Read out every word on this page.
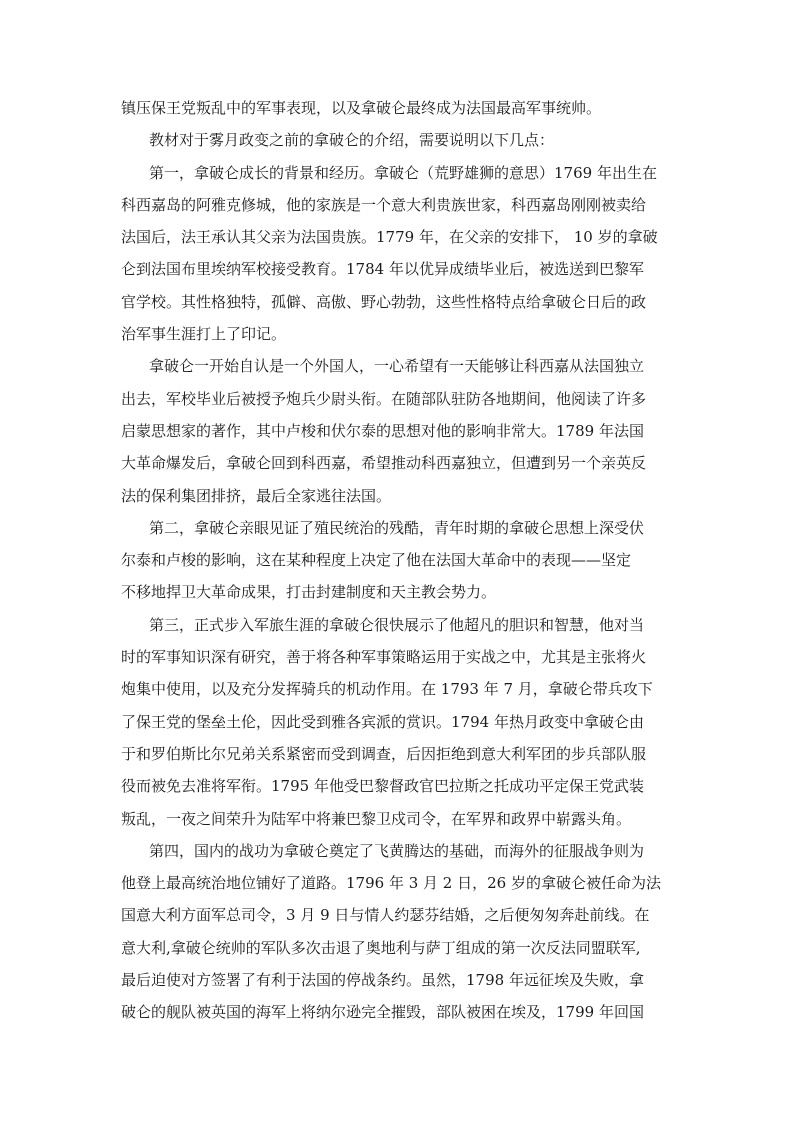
镇压保王党叛乱中的军事表现，以及拿破仑最终成为法国最高军事统帅。
教材对于雾月政变之前的拿破仑的介绍，需要说明以下几点：
第一，拿破仑成长的背景和经历。拿破仑（荒野雄狮的意思）1769 年出生在
科西嘉岛的阿雅克修城，他的家族是一个意大利贵族世家，科西嘉岛刚刚被卖给
法国后，法王承认其父亲为法国贵族。1779 年，在父亲的安排下， 10 岁的拿破
仑到法国布里埃纳军校接受教育。1784 年以优异成绩毕业后，被选送到巴黎军
官学校。其性格独特，孤僻、高傲、野心勃勃，这些性格特点给拿破仑日后的政
治军事生涯打上了印记。
拿破仑一开始自认是一个外国人，一心希望有一天能够让科西嘉从法国独立
出去，军校毕业后被授予炮兵少尉头衔。在随部队驻防各地期间，他阅读了许多
启蒙思想家的著作，其中卢梭和伏尔泰的思想对他的影响非常大。1789 年法国
大革命爆发后，拿破仑回到科西嘉，希望推动科西嘉独立，但遭到另一个亲英反
法的保利集团排挤，最后全家逃往法国。
第二，拿破仑亲眼见证了殖民统治的残酷，青年时期的拿破仑思想上深受伏
尔泰和卢梭的影响，这在某种程度上决定了他在法国大革命中的表现——坚定
不移地捍卫大革命成果，打击封建制度和天主教会势力。
第三，正式步入军旅生涯的拿破仑很快展示了他超凡的胆识和智慧，他对当
时的军事知识深有研究，善于将各种军事策略运用于实战之中，尤其是主张将火
炮集中使用，以及充分发挥骑兵的机动作用。在 1793 年 7 月，拿破仑带兵攻下
了保王党的堡垒土伦，因此受到雅各宾派的赏识。1794 年热月政变中拿破仑由
于和罗伯斯比尔兄弟关系紧密而受到调查，后因拒绝到意大利军团的步兵部队服
役而被免去准将军衔。1795 年他受巴黎督政官巴拉斯之托成功平定保王党武装
叛乱，一夜之间荣升为陆军中将兼巴黎卫戍司令，在军界和政界中崭露头角。
第四，国内的战功为拿破仑奠定了飞黄腾达的基础，而海外的征服战争则为
他登上最高统治地位铺好了道路。1796 年 3 月 2 日，26 岁的拿破仑被任命为法
国意大利方面军总司令，3 月 9 日与情人约瑟芬结婚，之后便匆匆奔赴前线。在
意大利,拿破仑统帅的军队多次击退了奥地利与萨丁组成的第一次反法同盟联军,
最后迫使对方签署了有利于法国的停战条约。虽然，1798 年远征埃及失败，拿
破仑的舰队被英国的海军上将纳尔逊完全摧毁，部队被困在埃及，1799 年回国
